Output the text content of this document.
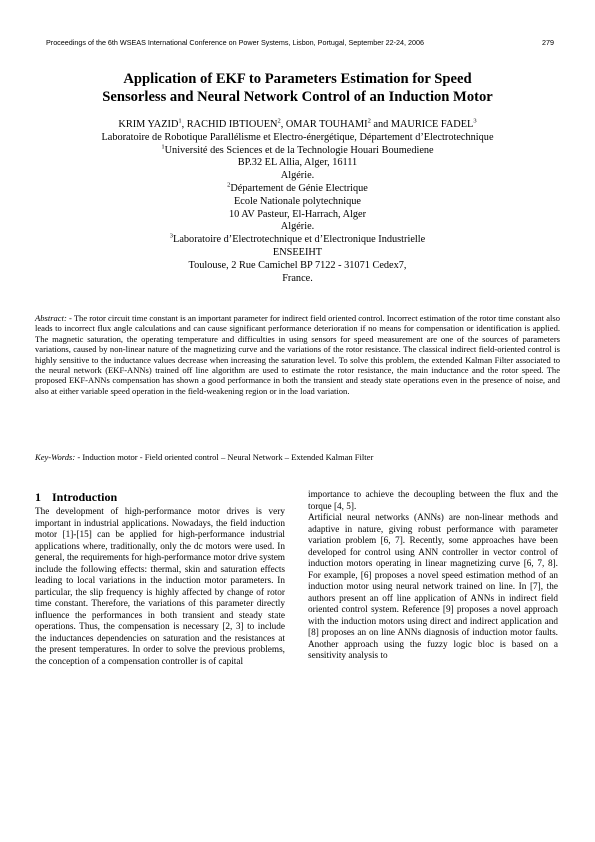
Proceedings of the 6th WSEAS International Conference on Power Systems, Lisbon, Portugal, September 22-24, 2006	279
Application of EKF to Parameters Estimation for Speed
Sensorless and Neural Network Control of an Induction Motor
KRIM YAZID$^1$, RACHID IBTIOUEN$^2$, OMAR TOUHAMI$^2$ and MAURICE FADEL$^3$
Laboratoire de Robotique Parallélisme et Electro-énergétique, Département d’Electrotechnique
$^1$Université des Sciences et de la Technologie Houari Boumediene
BP.32 EL Allia, Alger, 16111
Algérie.
$^2$Département de Génie Electrique
Ecole Nationale polytechnique
10 AV Pasteur, El-Harrach, Alger
Algérie.
$^3$Laboratoire d’Electrotechnique et d’Electronique Industrielle
ENSEEIHT
Toulouse, 2 Rue Camichel BP 7122 - 31071 Cedex7,
France.
Abstract: - The rotor circuit time constant is an important parameter for indirect field oriented control. Incorrect estimation of the rotor time constant also leads to incorrect flux angle calculations and can cause significant performance deterioration if no means for compensation or identification is applied. The magnetic saturation, the operating temperature and difficulties in using sensors for speed measurement are one of the sources of parameters variations, caused by non-linear nature of the magnetizing curve and the variations of the rotor resistance. The classical indirect field-oriented control is highly sensitive to the inductance values decrease when increasing the saturation level. To solve this problem, the extended Kalman Filter associated to the neural network (EKF-ANNs) trained off line algorithm are used to estimate the rotor resistance, the main inductance and the rotor speed. The proposed EKF-ANNs compensation has shown a good performance in both the transient and steady state operations even in the presence of noise, and also at either variable speed operation in the field-weakening region or in the load variation.
Key-Words: - Induction motor - Field oriented control – Neural Network – Extended Kalman Filter
1 Introduction

The development of high-performance motor drives is very important in industrial applications. Nowadays, the field induction motor [1]-[15] can be applied for high-performance industrial applications where, traditionally, only the dc motors were used. In general, the requirements for high-performance motor drive system include the following effects: thermal, skin and saturation effects leading to local variations in the induction motor parameters. In particular, the slip frequency is highly affected by change of rotor time constant. Therefore, the variations of this parameter directly influence the performances in both transient and steady state operations. Thus, the compensation is necessary [2, 3] to include the inductances dependencies on saturation and the resistances at the present temperatures. In order to solve the previous problems, the conception of a compensation controller is of capital

importance to achieve the decoupling between the flux and the torque [4, 5].

Artificial neural networks (ANNs) are non-linear methods and adaptive in nature, giving robust performance with parameter variation problem [6, 7]. Recently, some approaches have been developed for control using ANN controller in vector control of induction motors operating in linear magnetizing curve [6, 7, 8]. For example, [6] proposes a novel speed estimation method of an induction motor using neural network trained on line. In [7], the authors present an off line application of ANNs in indirect field oriented control system. Reference [9] proposes a novel approach with the induction motors using direct and indirect application and [8] proposes an on line ANNs diagnosis of induction motor faults. Another approach using the fuzzy logic bloc is based on a sensitivity analysis to
